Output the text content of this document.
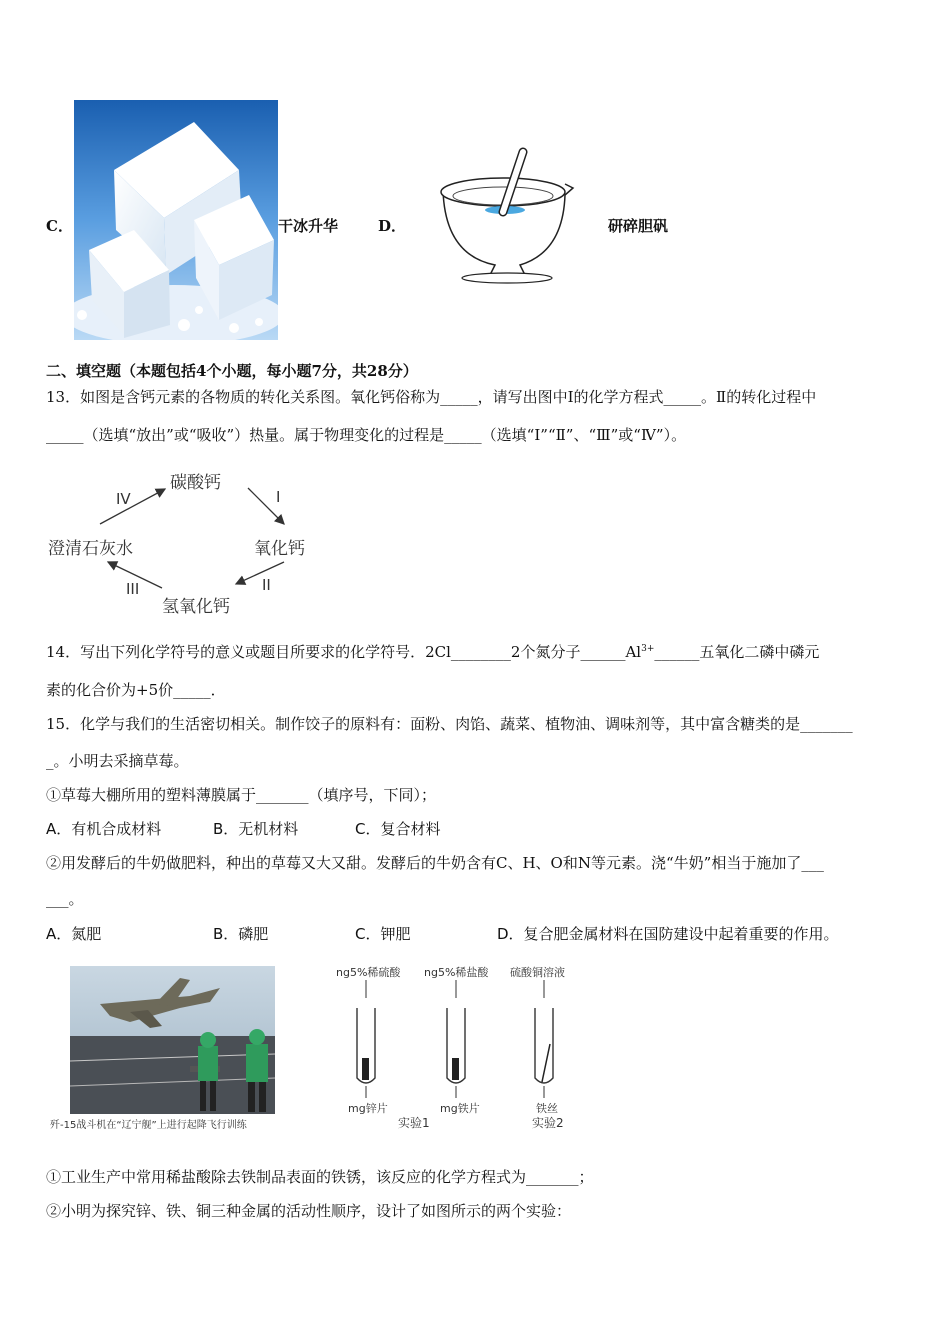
C．	干冰升华	D．	研碎胆矾
二、填空题（本题包括4个小题，每小题7分，共28分）
13．如图是含钙元素的各物质的转化关系图。氧化钙俗称为_____，请写出图中Ⅰ的化学方程式_____。Ⅱ的转化过程中
_____（选填“放出”或“吸收”）热量。属于物理变化的过程是_____（选填“Ⅰ”“Ⅱ”、“Ⅲ”或“Ⅳ”）。
碳酸钙
氧化钙
氢氧化钙
澄清石灰水
IV	I
II
III
14．写出下列化学符号的意义或题目所要求的化学符号．2Cl________2个氮分子$\_\_\_\_\_\_Al^{3+}\_\_\_\_\_\_$五氧化二磷中磷元
素的化合价为+5价_____．
15．化学与我们的生活密切相关。制作饺子的原料有：面粉、肉馅、蔬菜、植物油、调味剂等，其中富含糖类的是_______
_。小明去采摘草莓。
①草莓大棚所用的塑料薄膜属于_______（填序号，下同）；
A．有机合成材料	B．无机材料	C．复合材料
②用发酵后的牛奶做肥料，种出的草莓又大又甜。发酵后的牛奶含有C、H、O和N等元素。浇“牛奶”相当于施加了___
___。
A．氮肥	B．磷肥	C．钾肥	D．复合肥金属材料在国防建设中起着重要的作用。
歼-15战斗机在“辽宁舰”上进行起降飞行训练
ng5%稀硫酸 ng5%稀盐酸 硫酸铜溶液
mg锌片	mg铁片	铁丝
实验1	实验2
①工业生产中常用稀盐酸除去铁制品表面的铁锈，该反应的化学方程式为_______；
②小明为探究锌、铁、铜三种金属的活动性顺序，设计了如图所示的两个实验：
